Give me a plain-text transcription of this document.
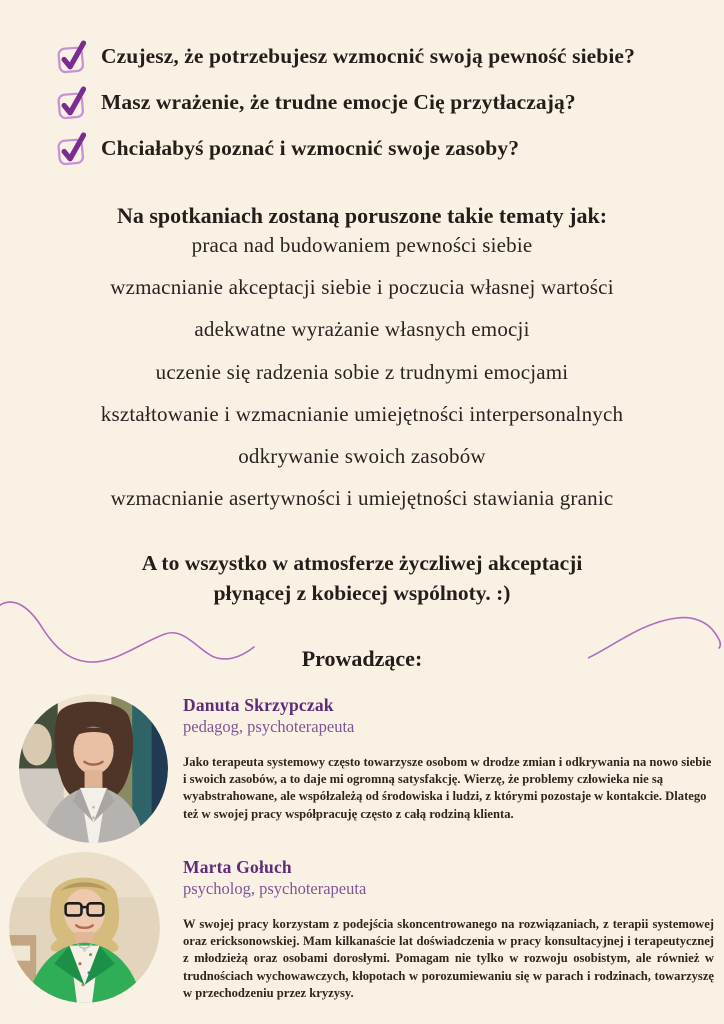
Czujesz, że potrzebujesz wzmocnić swoją pewność siebie?
Masz wrażenie, że trudne emocje Cię przytłaczają?
Chciałabyś poznać i wzmocnić swoje zasoby?
Na spotkaniach zostaną poruszone takie tematy jak:
praca nad budowaniem pewności siebie
wzmacnianie akceptacji siebie i poczucia własnej wartości
adekwatne wyrażanie własnych emocji
uczenie się radzenia sobie z trudnymi emocjami
kształtowanie i wzmacnianie umiejętności interpersonalnych
odkrywanie swoich zasobów
wzmacnianie asertywności i umiejętności stawiania granic
A to wszystko w atmosferze życzliwej akceptacji
płynącej z kobiecej wspólnoty. :)
Prowadzące:

Danuta Skrzypczak

pedagog, psychoterapeuta

Jako terapeuta systemowy często towarzysze osobom w drodze zmian i odkrywania na nowo siebie i swoich zasobów, a to daje mi ogromną satysfakcję. Wierzę, że problemy człowieka nie są wyabstrahowane, ale współzależą od środowiska i ludzi, z którymi pozostaje w kontakcie. Dlatego też w swojej pracy współpracuję często z całą rodziną klienta.

Marta Gołuch

psycholog, psychoterapeuta

W swojej pracy korzystam z podejścia skoncentrowanego na rozwiązaniach, z terapii systemowej oraz ericksonowskiej. Mam kilkanaście lat doświadczenia w pracy konsultacyjnej i terapeutycznej z młodzieżą oraz osobami dorosłymi. Pomagam nie tylko w rozwoju osobistym, ale również w trudnościach wychowawczych, kłopotach w porozumiewaniu się w parach i rodzinach, towarzyszę w przechodzeniu przez kryzysy.
